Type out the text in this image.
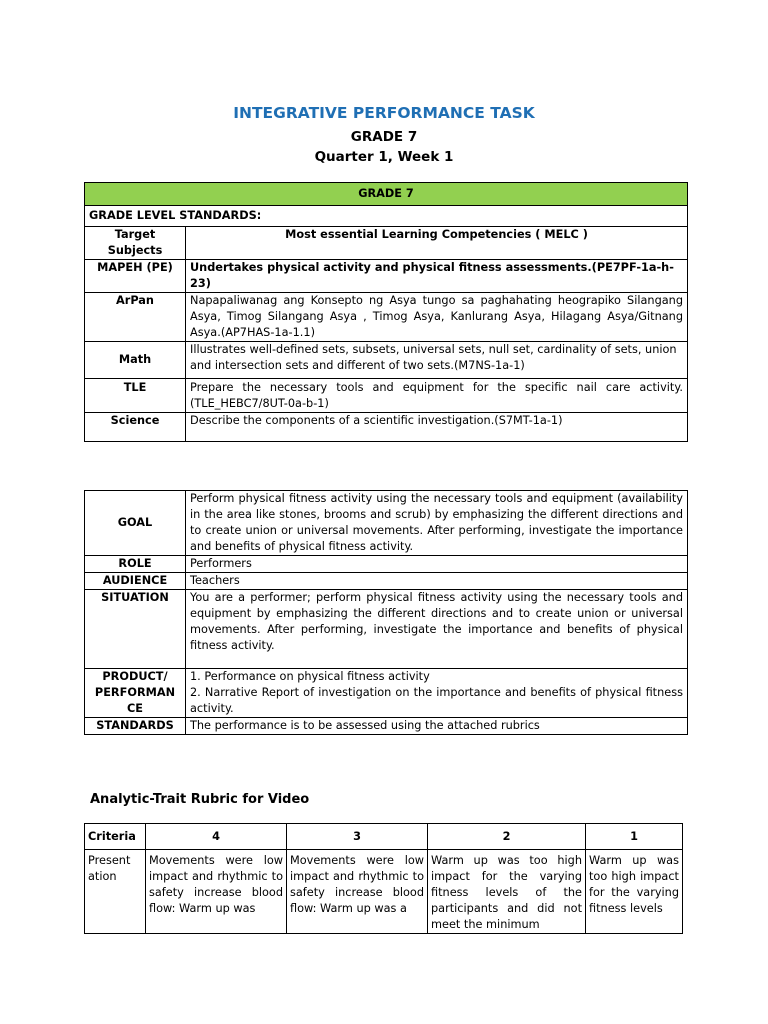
INTEGRATIVE PERFORMANCE TASK
GRADE 7
Quarter 1, Week 1
GRADE 7	
GRADE LEVEL STANDARDS:	
Target Subjects	Most essential Learning Competencies ( MELC )
MAPEH (PE)	Undertakes physical activity and physical fitness assessments.(PE7PF-1a-h-23)
ArPan	Napapaliwanag ang Konsepto ng Asya tungo sa paghahating heograpiko Silangang Asya, Timog Silangang Asya , Timog Asya, Kanlurang Asya, Hilagang Asya/Gitnang Asya.(AP7HAS-1a-1.1)
Math	Illustrates well-defined sets, subsets, universal sets, null set, cardinality of sets, union and intersection sets and different of two sets.(M7NS-1a-1)
TLE	Prepare the necessary tools and equipment for the specific nail care activity. (TLE_HEBC7/8UT-0a-b-1)
Science	Describe the components of a scientific investigation.(S7MT-1a-1)
GOAL	Perform physical fitness activity using the necessary tools and equipment (availability in the area like stones, brooms and scrub) by emphasizing the different directions and to create union or universal movements. After performing, investigate the importance and benefits of physical fitness activity.
ROLE	Performers
AUDIENCE	Teachers
SITUATION	You are a performer; perform physical fitness activity using the necessary tools and equipment by emphasizing the different directions and to create union or universal movements. After performing, investigate the importance and benefits of physical fitness activity.
PRODUCT/ PERFORMAN CE	1. Performance on physical fitness activity
2. Narrative Report of investigation on the importance and benefits of physical fitness activity.

STANDARDS	The performance is to be assessed using the attached rubrics
Analytic-Trait Rubric for Video
Criteria	4	3	2	1
Present ation	Movements were low impact and rhythmic to safety increase blood flow: Warm up was	Movements were low impact and rhythmic to safety increase blood flow: Warm up was a	Warm up was too high impact for the varying fitness levels of the participants and did not meet the minimum	Warm up was too high impact for the varying fitness levels
